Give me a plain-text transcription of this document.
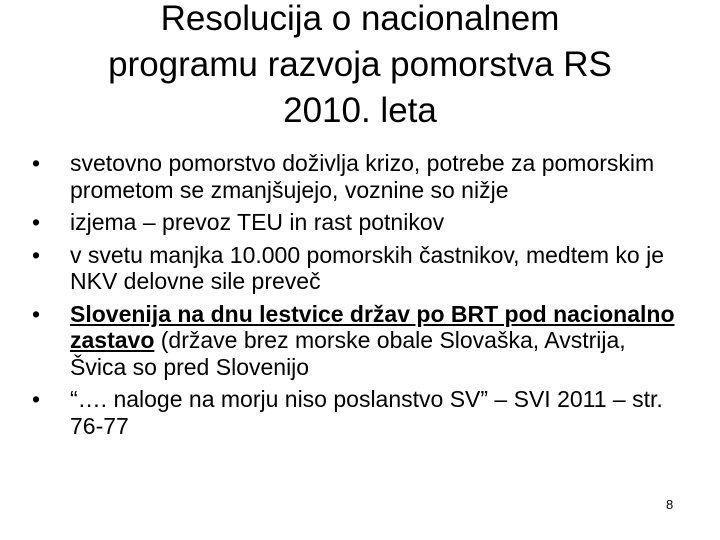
Resolucija o nacionalnem
programu razvoja pomorstva RS
2010. leta
• svetovno pomorstvo doživlja krizo, potrebe za pomorskim prometom se zmanjšujejo, voznine so nižje
• izjema – prevoz TEU in rast potnikov
• v svetu manjka 10.000 pomorskih častnikov, medtem ko je NKV delovne sile preveč
• Slovenija na dnu lestvice držav po BRT pod nacionalno zastavo (države brez morske obale Slovaška, Avstrija, Švica so pred Slovenijo
• “…. naloge na morju niso poslanstvo SV” – SVI 2011 – str. 76-77
8
